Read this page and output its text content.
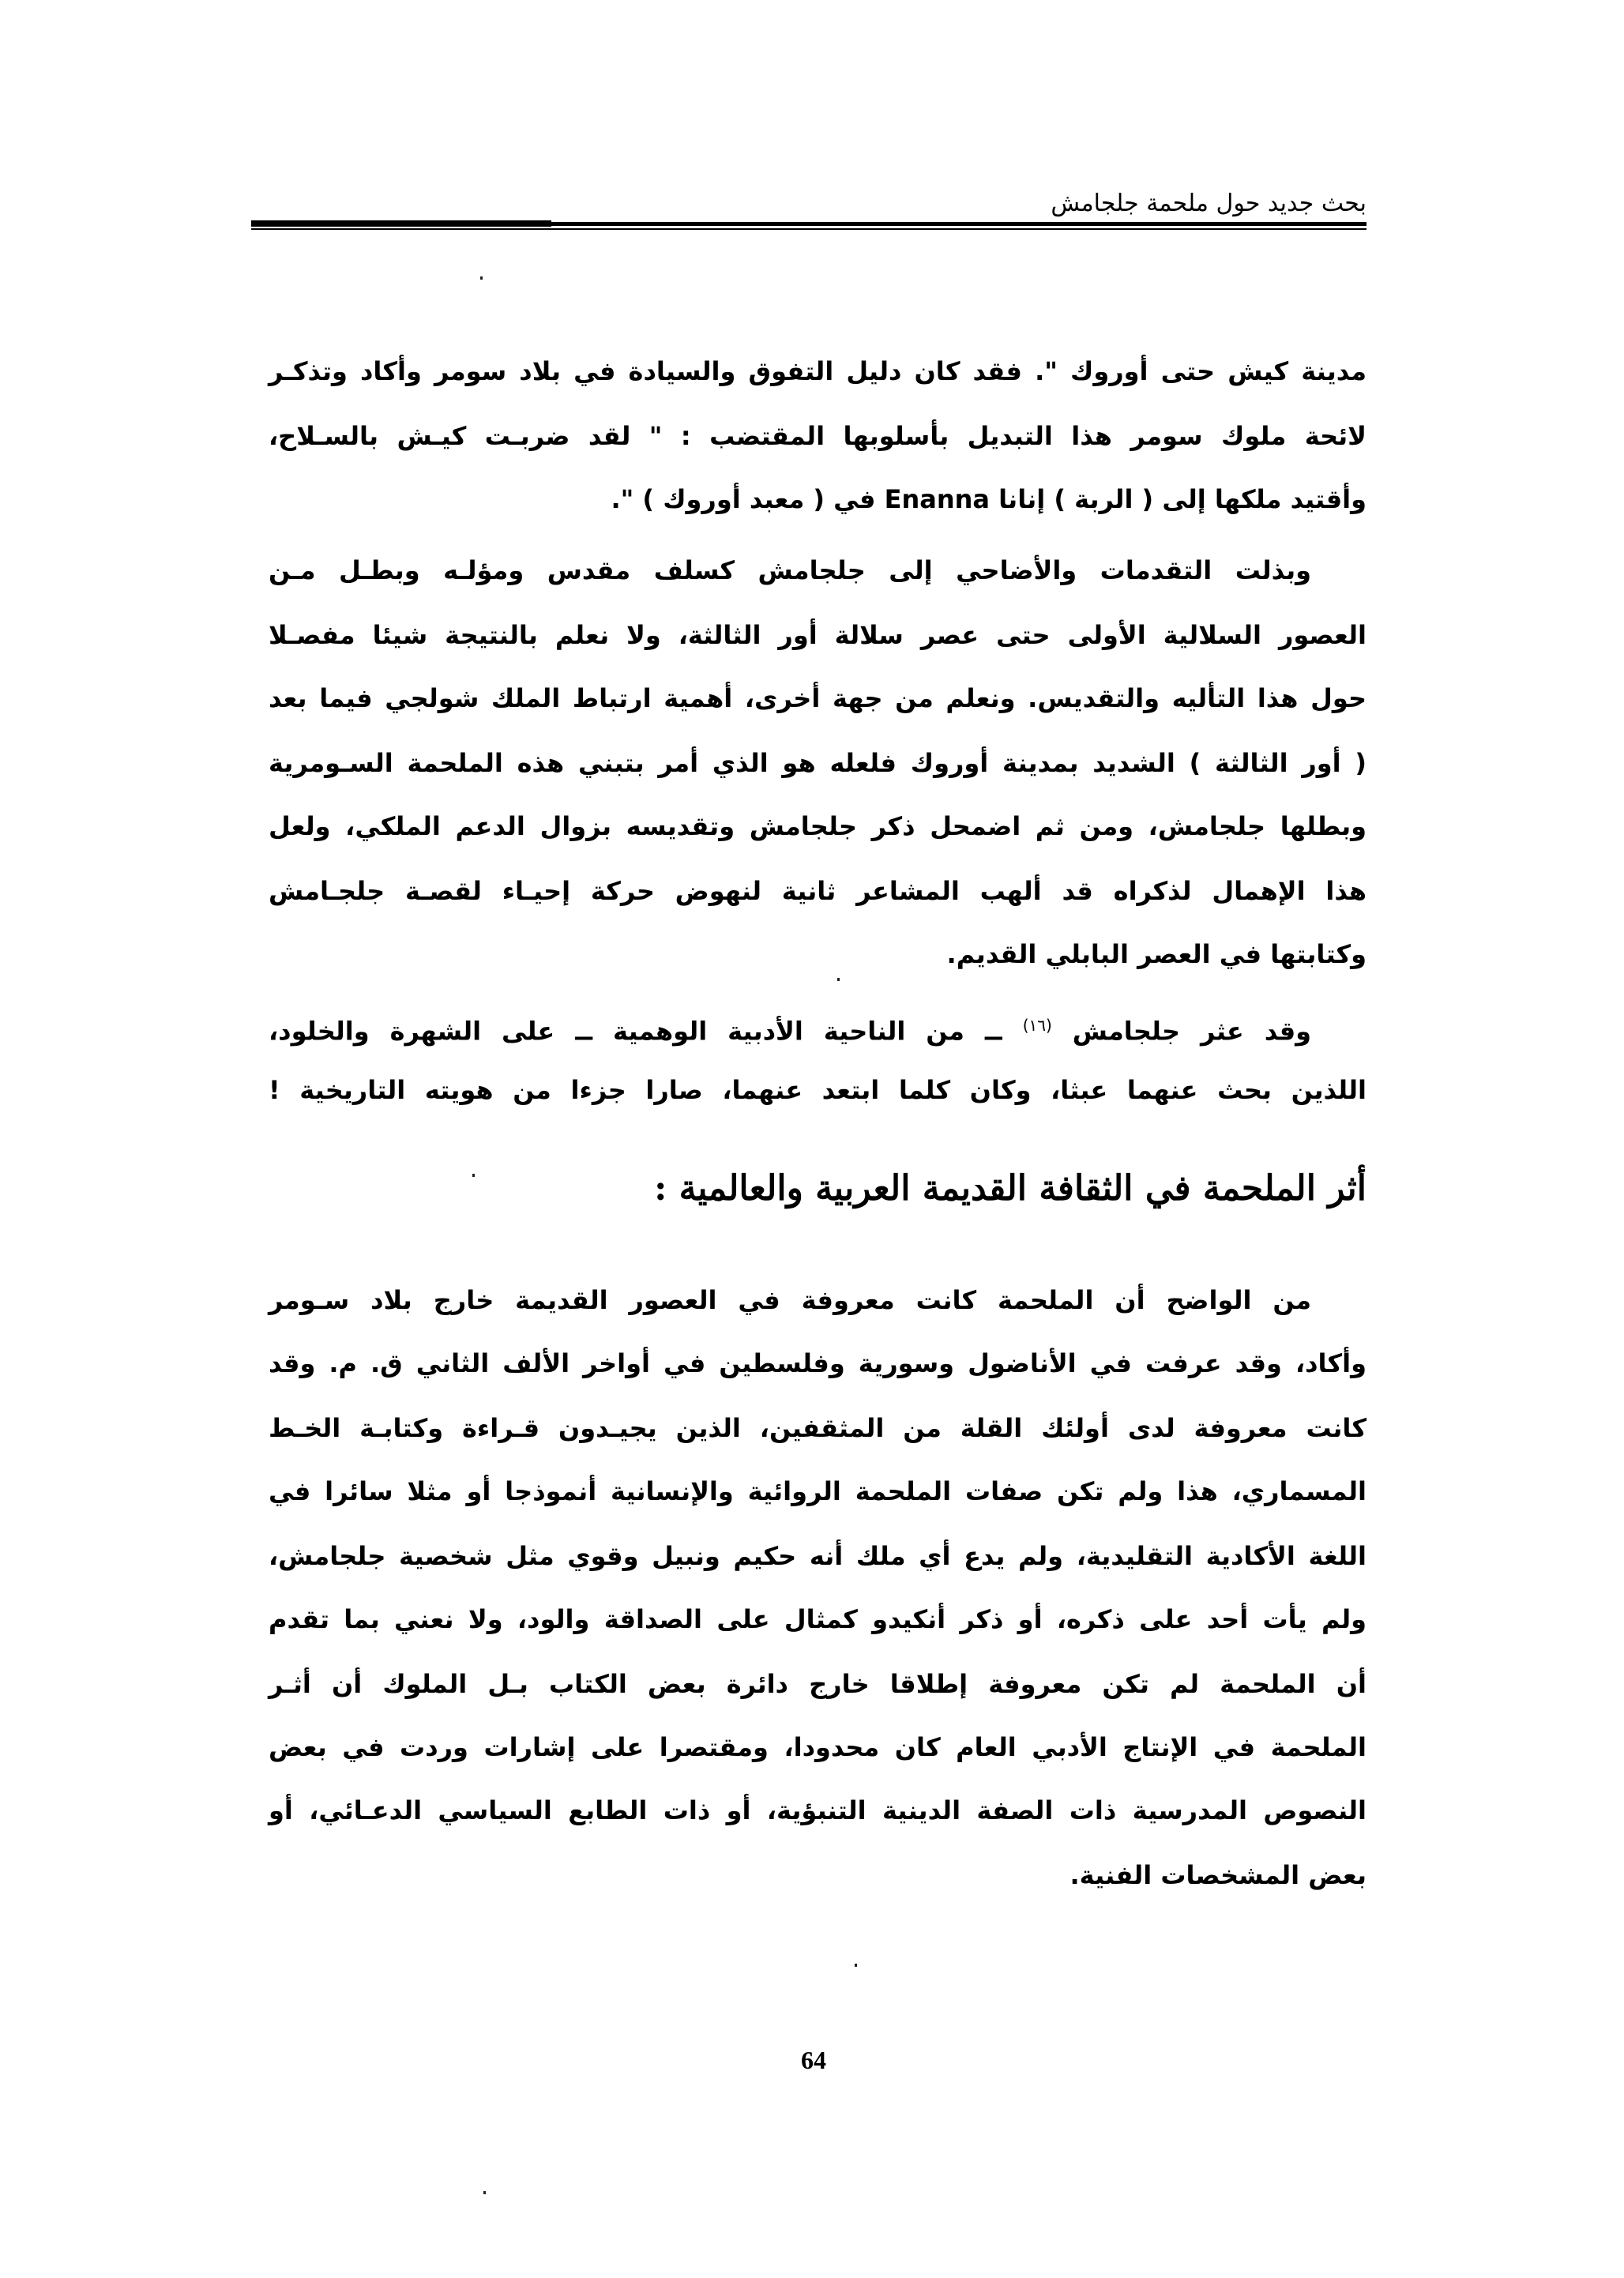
بحث جديد حول ملحمة جلجامش
مدينة كيش حتى أوروك ". فقد كان دليل التفوق والسيادة في بلاد سومر وأكاد وتذكـر
لائحة ملوك سومر هذا التبديل بأسلوبها المقتضب : " لقد ضربـت كيـش بالسـلاح،
وأقتيد ملكها إلى ( الربة ) إنانا Enanna في ( معبد أوروك ) ".
وبذلت التقدمات والأضاحي إلى جلجامش كسلف مقدس ومؤلـه وبطـل مـن
العصور السلالية الأولى حتى عصر سلالة أور الثالثة، ولا نعلم بالنتيجة شيئا مفصـلا
حول هذا التأليه والتقديس. ونعلم من جهة أخرى، أهمية ارتباط الملك شولجي فيما بعد
( أور الثالثة ) الشديد بمدينة أوروك فلعله هو الذي أمر بتبني هذه الملحمة السـومرية
وبطلها جلجامش، ومن ثم اضمحل ذكر جلجامش وتقديسه بزوال الدعم الملكي، ولعل
هذا الإهمال لذكراه قد ألهب المشاعر ثانية لنهوض حركة إحيـاء لقصـة جلجـامش
وكتابتها في العصر البابلي القديم.
وقد عثر جلجامش $^{(١٦)}$ ــ من الناحية الأدبية الوهمية ــ على الشهرة والخلود،
اللذين بحث عنهما عبثا، وكان كلما ابتعد عنهما، صارا جزءا من هويته التاريخية !
أثر الملحمة في الثقافة القديمة العربية والعالمية :
من الواضح أن الملحمة كانت معروفة في العصور القديمة خارج بلاد سـومر
وأكاد، وقد عرفت في الأناضول وسورية وفلسطين في أواخر الألف الثاني ق. م. وقد
كانت معروفة لدى أولئك القلة من المثقفين، الذين يجيـدون قـراءة وكتابـة الخـط
المسماري، هذا ولم تكن صفات الملحمة الروائية والإنسانية أنموذجا أو مثلا سائرا في
اللغة الأكادية التقليدية، ولم يدع أي ملك أنه حكيم ونبيل وقوي مثل شخصية جلجامش،
ولم يأت أحد على ذكره، أو ذكر أنكيدو كمثال على الصداقة والود، ولا نعني بما تقدم
أن الملحمة لم تكن معروفة إطلاقا خارج دائرة بعض الكتاب بـل الملوك أن أثـر
الملحمة في الإنتاج الأدبي العام كان محدودا، ومقتصرا على إشارات وردت في بعض
النصوص المدرسية ذات الصفة الدينية التنبؤية، أو ذات الطابع السياسي الدعـائي، أو
بعض المشخصات الفنية.
64
